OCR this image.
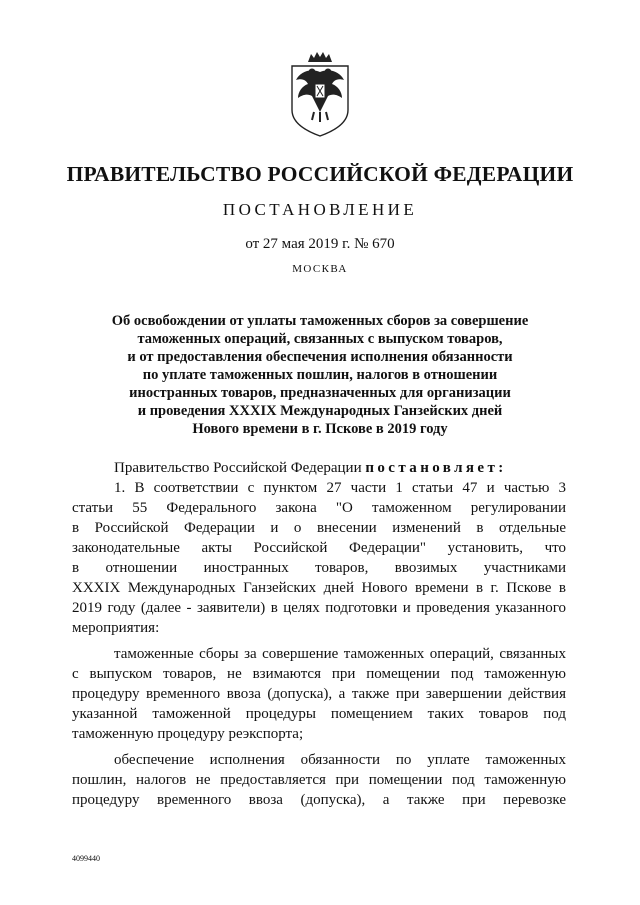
ПРАВИТЕЛЬСТВО РОССИЙСКОЙ ФЕДЕРАЦИИ
ПОСТАНОВЛЕНИЕ
от 27 мая 2019 г. № 670
МОСКВА
Об освобождении от уплаты таможенных сборов за совершение
таможенных операций, связанных с выпуском товаров,
и от предоставления обеспечения исполнения обязанности
по уплате таможенных пошлин, налогов в отношении
иностранных товаров, предназначенных для организации
и проведения XXXIX Международных Ганзейских дней
Нового времени в г. Пскове в 2019 году

Правительство Российской Федерации постановляет:

1. В соответствии с пунктом 27 части 1 статьи 47 и частью 3
статьи 55 Федерального закона "О таможенном регулировании
в Российской Федерации и о внесении изменений в отдельные
законодательные акты Российской Федерации" установить, что
в отношении иностранных товаров, ввозимых участниками
XXXIX Международных Ганзейских дней Нового времени в г. Пскове в
2019 году (далее - заявители) в целях подготовки и проведения указанного
мероприятия:

таможенные сборы за совершение таможенных операций, связанных
с выпуском товаров, не взимаются при помещении под таможенную
процедуру временного ввоза (допуска), а также при завершении действия
указанной таможенной процедуры помещением таких товаров под
таможенную процедуру реэкспорта;

обеспечение исполнения обязанности по уплате таможенных
пошлин, налогов не предоставляется при помещении под таможенную
процедуру временного ввоза (допуска), а также при перевозке

4099440
